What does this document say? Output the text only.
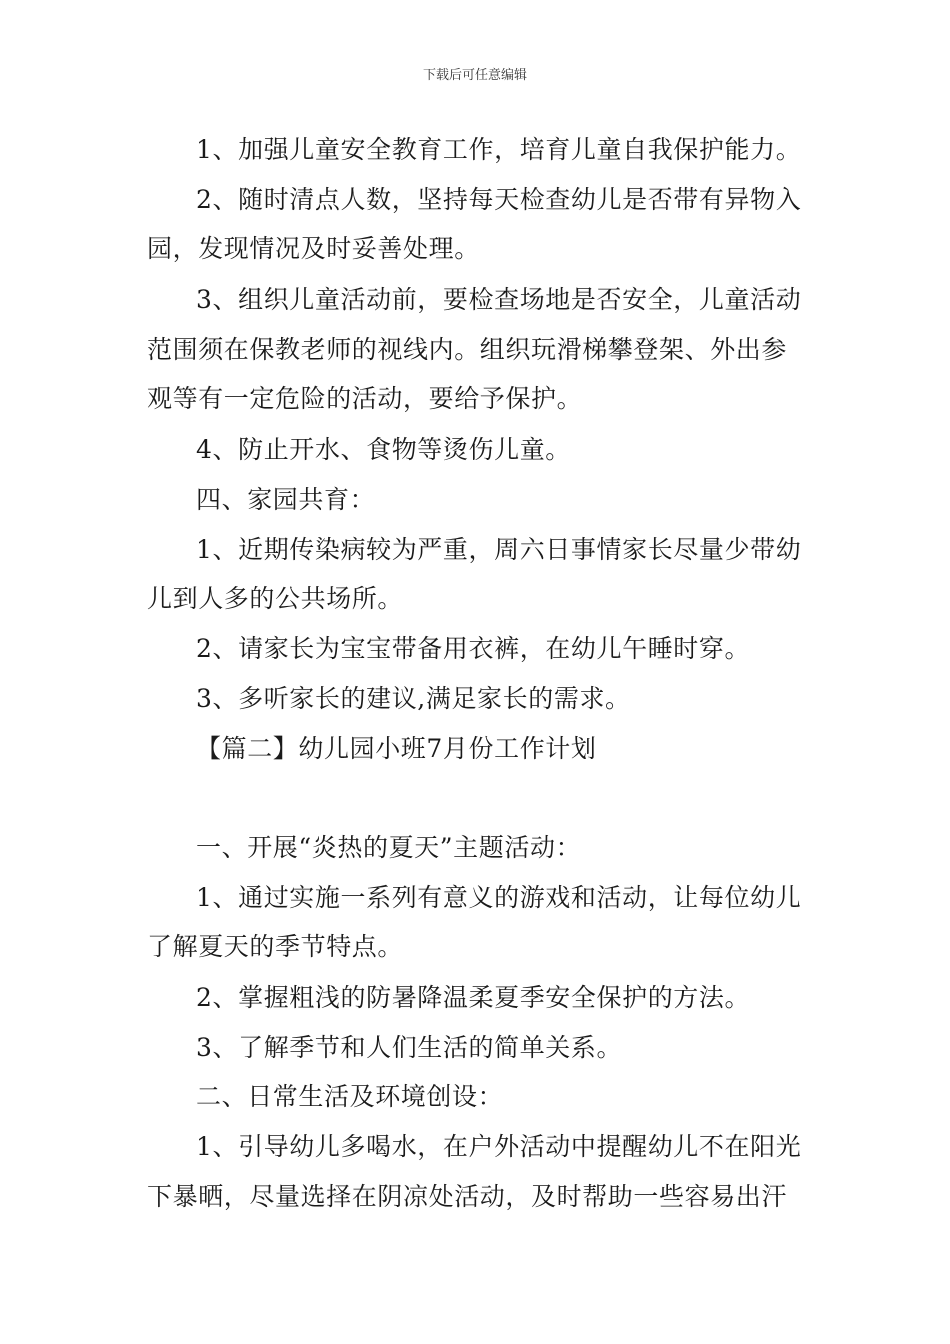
下载后可任意编辑
1、加强儿童安全教育工作，培育儿童自我保护能力。
2、随时清点人数，坚持每天检查幼儿是否带有异物入
园，发现情况及时妥善处理。
3、组织儿童活动前，要检查场地是否安全，儿童活动
范围须在保教老师的视线内。组织玩滑梯攀登架、外出参
观等有一定危险的活动，要给予保护。
4、防止开水、食物等烫伤儿童。
四、家园共育：
1、近期传染病较为严重，周六日事情家长尽量少带幼
儿到人多的公共场所。
2、请家长为宝宝带备用衣裤，在幼儿午睡时穿。
3、多听家长的建议,满足家长的需求。
【篇二】幼儿园小班7月份工作计划
一、开展“炎热的夏天”主题活动：
1、通过实施一系列有意义的游戏和活动，让每位幼儿
了解夏天的季节特点。
2、掌握粗浅的防暑降温柔夏季安全保护的方法。
3、了解季节和人们生活的简单关系。
二、日常生活及环境创设：
1、引导幼儿多喝水，在户外活动中提醒幼儿不在阳光
下暴晒，尽量选择在阴凉处活动，及时帮助一些容易出汗
